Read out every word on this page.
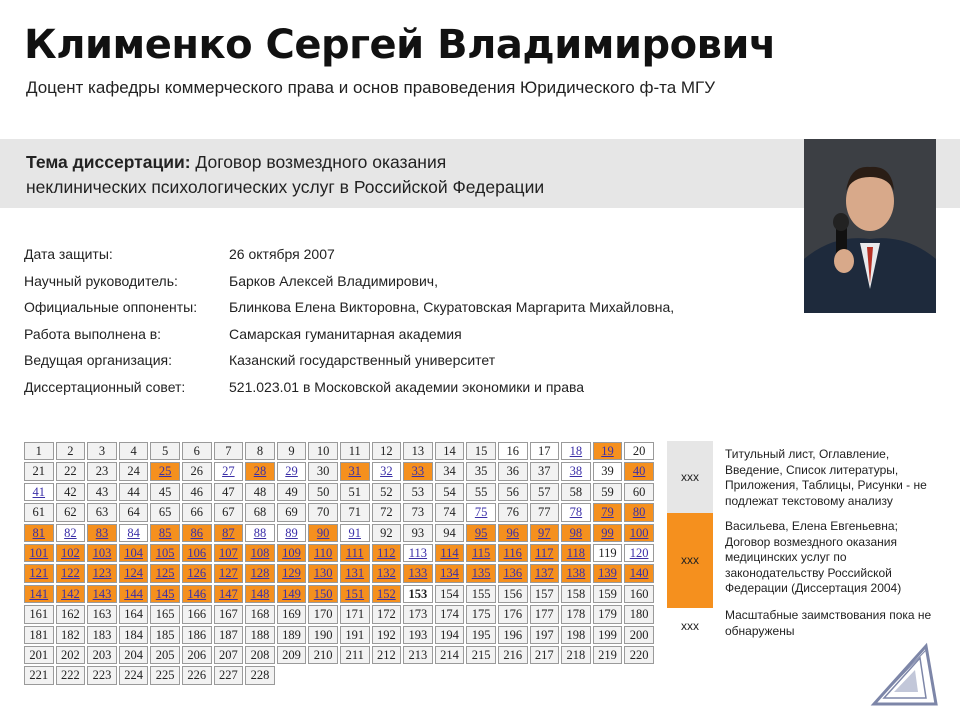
Клименко Сергей Владимирович
Доцент кафедры коммерческого права и основ правоведения Юридического ф-та МГУ
Тема диссертации: Договор возмездного оказания
неклинических психологических услуг в Российской Федерации
Дата защиты:	26 октября 2007
Научный руководитель:	Барков Алексей Владимирович,
Официальные оппоненты: Блинкова Елена Викторовна, Скуратовская Маргарита Михайловна,
Работа выполнена в:	Самарская гуманитарная академия
Ведущая организация:	Казанский государственный университет
Диссертационный совет:	521.023.01 в Московской академии экономики и права
1	2	3	4	5	6	7	8	9	10	11	12	13	14	15	16	17	18	19	20
21	22	23	24	25	26	27	28	29	30	31	32	33	34	35	36	37	38	39	40
41	42	43	44	45	46	47	48	49	50	51	52	53	54	55	56	57	58	59	60
61	62	63	64	65	66	67	68	69	70	71	72	73	74	75	76	77	78	79	80
81	82	83	84	85	86	87	88	89	90	91	92	93	94	95	96	97	98	99	100
101	102	103	104	105	106	107	108	109	110	111	112	113	114	115	116	117	118	119	120
121	122	123	124	125	126	127	128	129	130	131	132	133	134	135	136	137	138	139	140
141	142	143	144	145	146	147	148	149	150	151	152	153	154	155	156	157	158	159	160
161	162	163	164	165	166	167	168	169	170	171	172	173	174	175	176	177	178	179	180
181	182	183	184	185	186	187	188	189	190	191	192	193	194	195	196	197	198	199	200
201	202	203	204	205	206	207	208	209	210	211	212	213	214	215	216	217	218	219	220
221	222	223	224	225	226	227	228
xxx
Титульный лист, Оглавление, Введение, Список литературы, Приложения, Таблицы, Рисунки - не подлежат текстовому анализу
xxx
Васильева, Елена Евгеньевна; Договор возмездного оказания медицинских услуг по законодательству Российской Федерации (Диссертация 2004)
xxx
Масштабные заимствования пока не обнаружены
